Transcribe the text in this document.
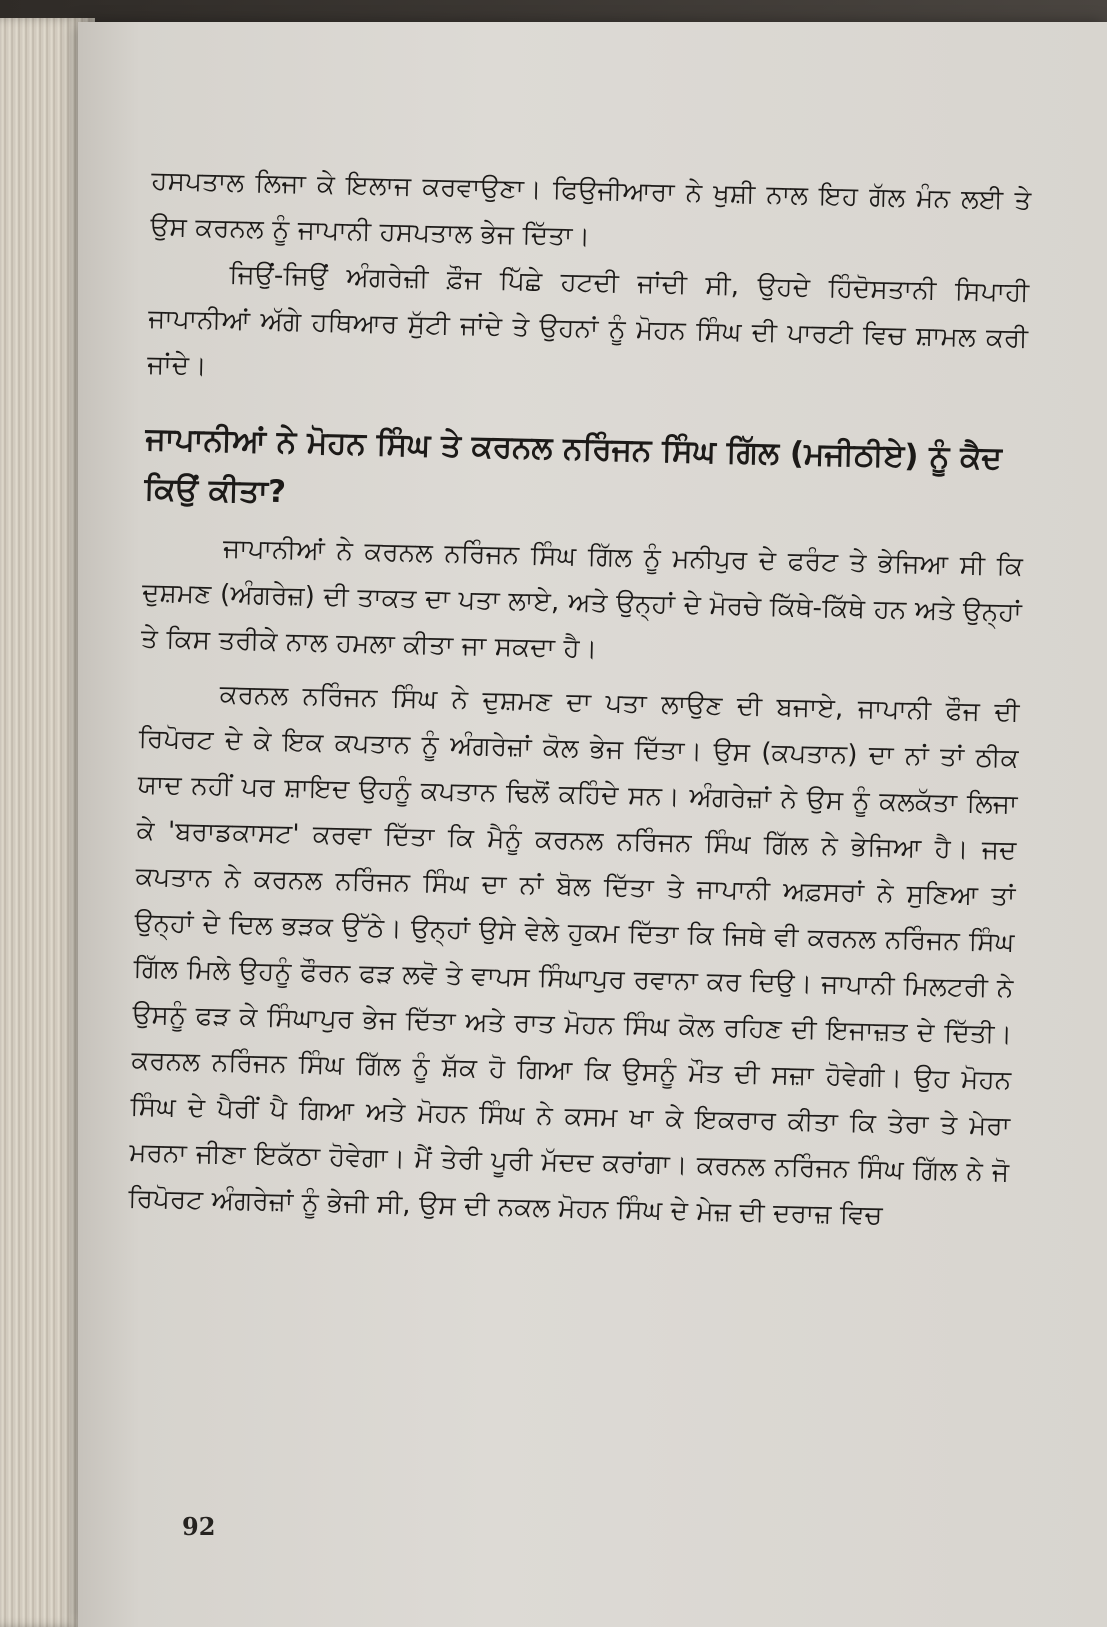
ਹਸਪਤਾਲ ਲਿਜਾ ਕੇ ਇਲਾਜ ਕਰਵਾਉਣਾ। ਫਿਉਜੀਆਰਾ ਨੇ ਖੁਸ਼ੀ ਨਾਲ ਇਹ ਗੱਲ ਮੰਨ ਲਈ ਤੇ ਉਸ ਕਰਨਲ ਨੂੰ ਜਾਪਾਨੀ ਹਸਪਤਾਲ ਭੇਜ ਦਿੱਤਾ।

ਜਿਉਂ-ਜਿਉਂ ਅੰਗਰੇਜ਼ੀ ਫ਼ੌਜ ਪਿੱਛੇ ਹਟਦੀ ਜਾਂਦੀ ਸੀ, ਉਹਦੇ ਹਿੰਦੋਸਤਾਨੀ ਸਿਪਾਹੀ ਜਾਪਾਨੀਆਂ ਅੱਗੇ ਹਥਿਆਰ ਸੁੱਟੀ ਜਾਂਦੇ ਤੇ ਉਹਨਾਂ ਨੂੰ ਮੋਹਨ ਸਿੰਘ ਦੀ ਪਾਰਟੀ ਵਿਚ ਸ਼ਾਮਲ ਕਰੀ ਜਾਂਦੇ।

ਜਾਪਾਨੀਆਂ ਨੇ ਮੋਹਨ ਸਿੰਘ ਤੇ ਕਰਨਲ ਨਰਿੰਜਨ ਸਿੰਘ ਗਿੱਲ (ਮਜੀਠੀਏ) ਨੂੰ ਕੈਦ ਕਿਉਂ ਕੀਤਾ?

ਜਾਪਾਨੀਆਂ ਨੇ ਕਰਨਲ ਨਰਿੰਜਨ ਸਿੰਘ ਗਿੱਲ ਨੂੰ ਮਨੀਪੁਰ ਦੇ ਫਰੰਟ ਤੇ ਭੇਜਿਆ ਸੀ ਕਿ ਦੁਸ਼ਮਣ (ਅੰਗਰੇਜ਼) ਦੀ ਤਾਕਤ ਦਾ ਪਤਾ ਲਾਏ, ਅਤੇ ਉਨ੍ਹਾਂ ਦੇ ਮੋਰਚੇ ਕਿੱਥੇ-ਕਿੱਥੇ ਹਨ ਅਤੇ ਉਨ੍ਹਾਂ ਤੇ ਕਿਸ ਤਰੀਕੇ ਨਾਲ ਹਮਲਾ ਕੀਤਾ ਜਾ ਸਕਦਾ ਹੈ।

ਕਰਨਲ ਨਰਿੰਜਨ ਸਿੰਘ ਨੇ ਦੁਸ਼ਮਣ ਦਾ ਪਤਾ ਲਾਉਣ ਦੀ ਬਜਾਏ, ਜਾਪਾਨੀ ਫੌਜ ਦੀ ਰਿਪੋਰਟ ਦੇ ਕੇ ਇਕ ਕਪਤਾਨ ਨੂੰ ਅੰਗਰੇਜ਼ਾਂ ਕੋਲ ਭੇਜ ਦਿੱਤਾ। ਉਸ (ਕਪਤਾਨ) ਦਾ ਨਾਂ ਤਾਂ ਠੀਕ ਯਾਦ ਨਹੀਂ ਪਰ ਸ਼ਾਇਦ ਉਹਨੂੰ ਕਪਤਾਨ ਢਿਲੋਂ ਕਹਿੰਦੇ ਸਨ। ਅੰਗਰੇਜ਼ਾਂ ਨੇ ਉਸ ਨੂੰ ਕਲਕੱਤਾ ਲਿਜਾ ਕੇ 'ਬਰਾਡਕਾਸਟ' ਕਰਵਾ ਦਿੱਤਾ ਕਿ ਮੈਨੂੰ ਕਰਨਲ ਨਰਿੰਜਨ ਸਿੰਘ ਗਿੱਲ ਨੇ ਭੇਜਿਆ ਹੈ। ਜਦ ਕਪਤਾਨ ਨੇ ਕਰਨਲ ਨਰਿੰਜਨ ਸਿੰਘ ਦਾ ਨਾਂ ਬੋਲ ਦਿੱਤਾ ਤੇ ਜਾਪਾਨੀ ਅਫ਼ਸਰਾਂ ਨੇ ਸੁਣਿਆ ਤਾਂ ਉਨ੍ਹਾਂ ਦੇ ਦਿਲ ਭੜਕ ਉੱਠੇ। ਉਨ੍ਹਾਂ ਉਸੇ ਵੇਲੇ ਹੁਕਮ ਦਿੱਤਾ ਕਿ ਜਿਥੇ ਵੀ ਕਰਨਲ ਨਰਿੰਜਨ ਸਿੰਘ ਗਿੱਲ ਮਿਲੇ ਉਹਨੂੰ ਫੌਰਨ ਫੜ ਲਵੋ ਤੇ ਵਾਪਸ ਸਿੰਘਾਪੁਰ ਰਵਾਨਾ ਕਰ ਦਿਉ। ਜਾਪਾਨੀ ਮਿਲਟਰੀ ਨੇ ਉਸਨੂੰ ਫੜ ਕੇ ਸਿੰਘਾਪੁਰ ਭੇਜ ਦਿੱਤਾ ਅਤੇ ਰਾਤ ਮੋਹਨ ਸਿੰਘ ਕੋਲ ਰਹਿਣ ਦੀ ਇਜਾਜ਼ਤ ਦੇ ਦਿੱਤੀ। ਕਰਨਲ ਨਰਿੰਜਨ ਸਿੰਘ ਗਿੱਲ ਨੂੰ ਸ਼ੱਕ ਹੋ ਗਿਆ ਕਿ ਉਸਨੂੰ ਮੌਤ ਦੀ ਸਜ਼ਾ ਹੋਵੇਗੀ। ਉਹ ਮੋਹਨ ਸਿੰਘ ਦੇ ਪੈਰੀਂ ਪੈ ਗਿਆ ਅਤੇ ਮੋਹਨ ਸਿੰਘ ਨੇ ਕਸਮ ਖਾ ਕੇ ਇਕਰਾਰ ਕੀਤਾ ਕਿ ਤੇਰਾ ਤੇ ਮੇਰਾ ਮਰਨਾ ਜੀਣਾ ਇਕੱਠਾ ਹੋਵੇਗਾ। ਮੈਂ ਤੇਰੀ ਪੂਰੀ ਮੱਦਦ ਕਰਾਂਗਾ। ਕਰਨਲ ਨਰਿੰਜਨ ਸਿੰਘ ਗਿੱਲ ਨੇ ਜੋ ਰਿਪੋਰਟ ਅੰਗਰੇਜ਼ਾਂ ਨੂੰ ਭੇਜੀ ਸੀ, ਉਸ ਦੀ ਨਕਲ ਮੋਹਨ ਸਿੰਘ ਦੇ ਮੇਜ਼ ਦੀ ਦਰਾਜ਼ ਵਿਚ

92
